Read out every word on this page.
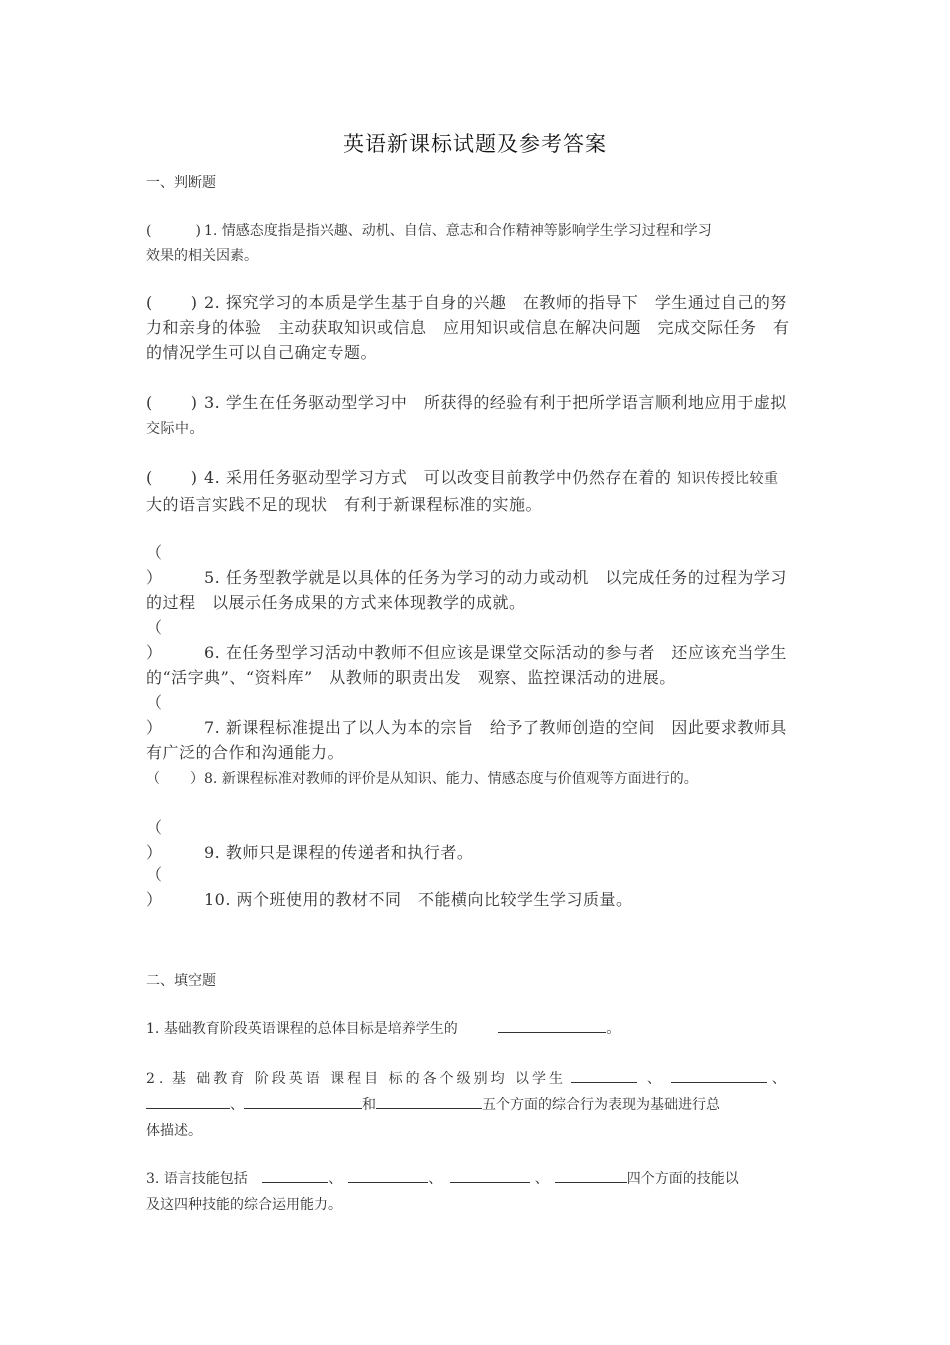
英语新课标试题及参考答案
一、判断题
(	) 1. 情感态度指是指兴趣、动机、自信、意志和合作精神等影响学生学习过程和学习
效果的相关因素。
( ) 2. 探究学习的本质是学生基于自身的兴趣　在教师的指导下　学生通过自己的努
力和亲身的体验　主动获取知识或信息　应用知识或信息在解决问题　完成交际任务　有
的情况学生可以自己确定专题。
( ) 3. 学生在任务驱动型学习中　所获得的经验有利于把所学语言顺利地应用于虚拟
交际中。
( ) 4. 采用任务驱动型学习方式　可以改变目前教学中仍然存在着的 知识传授比较重
大的语言实践不足的现状　有利于新课程标准的实施。
（）	5. 任务型教学就是以具体的任务为学习的动力或动机　以完成任务的过程为学习
的过程　以展示任务成果的方式来体现教学的成就。
（）	6. 在任务型学习活动中教师不但应该是课堂交际活动的参与者　还应该充当学生
的“活字典”、“资料库”　从教师的职责出发　观察、监控课活动的进展。
（）	7. 新课程标准提出了以人为本的宗旨　给予了教师创造的空间　因此要求教师具
有广泛的合作和沟通能力。
（ ）8. 新课程标准对教师的评价是从知识、能力、情感态度与价值观等方面进行的。
（）	9. 教师只是课程的传递者和执行者。
（）	10. 两个班使用的教材不同　不能横向比较学生学习质量。
二、填空题
1. 基础教育阶段英语课程的总体目标是培养学生的	。
2. 基 础教育 阶段英语 课程目 标的各个级别均 以学生	、	、
、	和	五个方面的综合行为表现为基础进行总
体描述。
3. 语言技能包括	、	、	、	四个方面的技能以
及这四种技能的综合运用能力。
